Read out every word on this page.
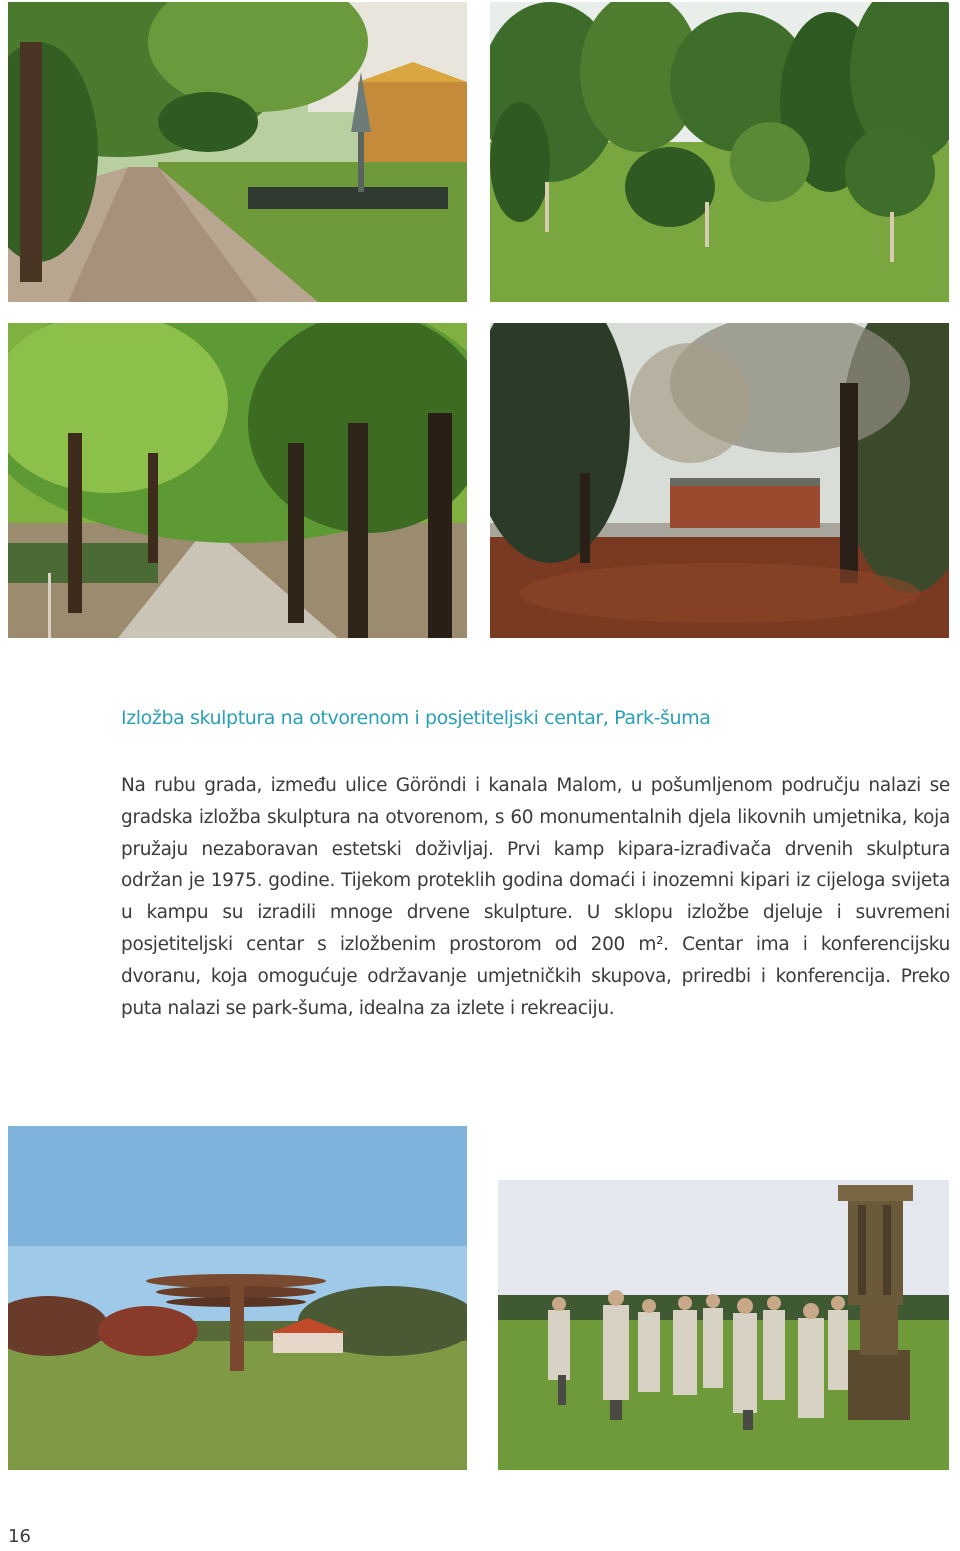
Izložba skulptura na otvorenom i posjetiteljski centar, Park-šuma

Na rubu grada, između ulice Göröndi i kanala Malom, u pošumljenom području nalazi se gradska izložba skulptura na otvorenom, s 60 monumentalnih djela likovnih umjetnika, koja pružaju nezaboravan estetski doživljaj. Prvi kamp kipara-izrađivača drvenih skulptura održan je 1975. godine. Tijekom proteklih godina domaći i inozemni kipari iz cijeloga svijeta u kampu su izradili mnoge drvene skulpture. U sklopu izložbe djeluje i suvremeni posjetiteljski centar s izložbenim prostorom od 200 m². Centar ima i konferencijsku dvoranu, koja omogućuje održavanje umjetničkih skupova, priredbi i konferencija. Preko puta nalazi se park-šuma, idealna za izlete i rekreaciju.

16
